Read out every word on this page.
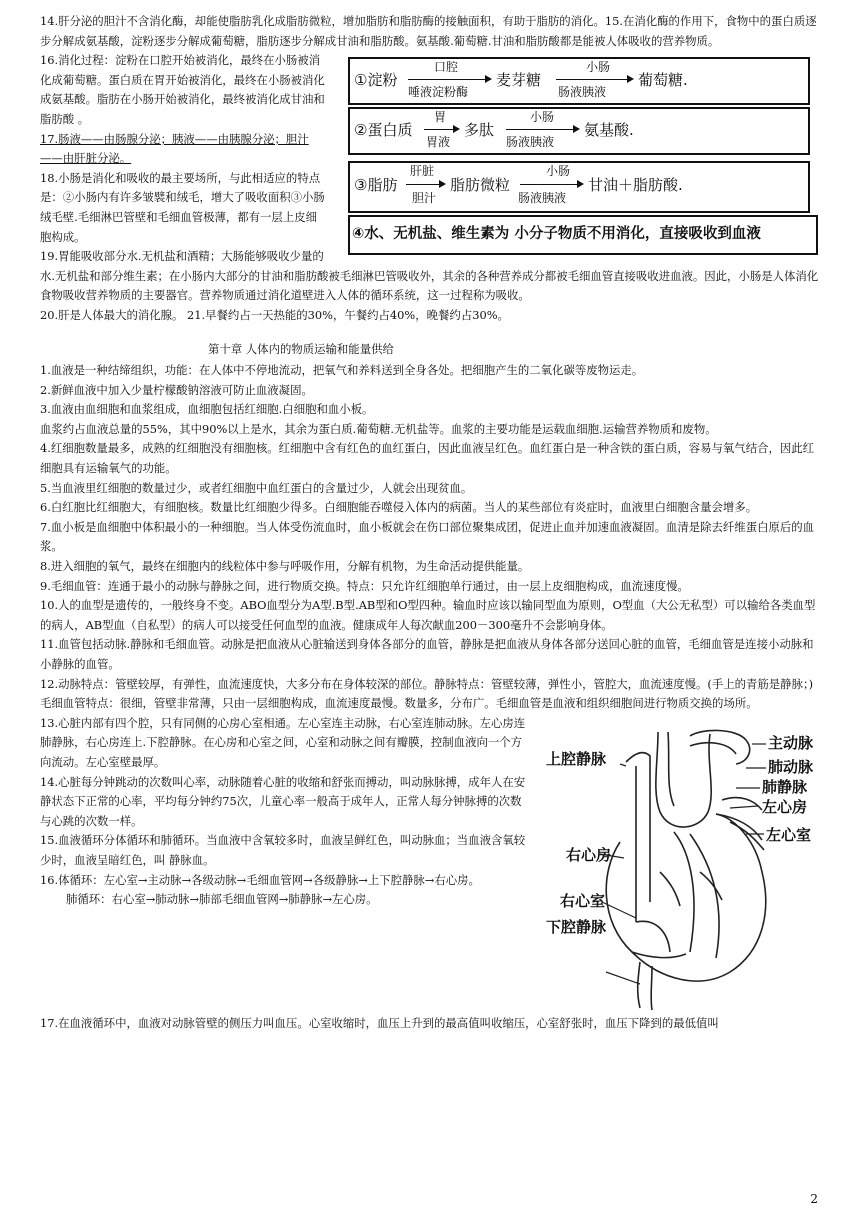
14.肝分泌的胆汁不含消化酶，却能使脂肪乳化成脂肪微粒，增加脂肪和脂肪酶的接触面积，有助于脂肪的消化。15.在消化酶的作用下，食物中的蛋白质逐步分解成氨基酸，淀粉逐步分解成葡萄糖，脂肪逐步分解成甘油和脂肪酸。氨基酸.葡萄糖.甘油和脂肪酸都是能被人体吸收的营养物质。

①淀粉
口腔
唾液淀粉酶
麦芽糖
小肠
肠液胰液
葡萄糖.
②蛋白质
胃
胃液
多肽
小肠
肠液胰液
氨基酸.
③脂肪
肝脏
胆汁
脂肪微粒
小肠
肠液胰液
甘油＋脂肪酸.
④水、无机盐、维生素为 小分子物质不用消化，直接吸收到血液

16.消化过程：淀粉在口腔开始被消化，最终在小肠被消化成葡萄糖。蛋白质在胃开始被消化，最终在小肠被消化成氨基酸。脂肪在小肠开始被消化，最终被消化成甘油和脂肪酸 。

17.肠液——由肠腺分泌；胰液——由胰腺分泌；胆汁——由肝脏分泌。

18.小肠是消化和吸收的最主要场所，与此相适应的特点是：②小肠内有许多皱襞和绒毛，增大了吸收面积③小肠绒毛壁.毛细淋巴管壁和毛细血管极薄，都有一层上皮细胞构成。

19.胃能吸收部分水.无机盐和酒精；大肠能够吸收少量的水.无机盐和部分维生素；在小肠内大部分的甘油和脂肪酸被毛细淋巴管吸收外，其余的各种营养成分都被毛细血管直接吸收进血液。因此，小肠是人体消化食物吸收营养物质的主要器官。营养物质通过消化道壁进入人体的循环系统，这一过程称为吸收。

20.肝是人体最大的消化腺。 21.早餐约占一天热能的30%，午餐约占40%，晚餐约占30%。

第十章 人体内的物质运输和能量供给

1.血液是一种结缔组织，功能：在人体中不停地流动，把氧气和养料送到全身各处。把细胞产生的二氧化碳等废物运走。

2.新鲜血液中加入少量柠檬酸钠溶液可防止血液凝固。

3.血液由血细胞和血浆组成，血细胞包括红细胞.白细胞和血小板。

血浆约占血液总量的55%，其中90%以上是水，其余为蛋白质.葡萄糖.无机盐等。血浆的主要功能是运载血细胞.运输营养物质和废物。

4.红细胞数量最多，成熟的红细胞没有细胞核。红细胞中含有红色的血红蛋白，因此血液呈红色。血红蛋白是一种含铁的蛋白质，容易与氧气结合，因此红细胞具有运输氧气的功能。

5.当血液里红细胞的数量过少，或者红细胞中血红蛋白的含量过少，人就会出现贫血。

6.白红胞比红细胞大，有细胞核。数量比红细胞少得多。白细胞能吞噬侵入体内的病菌。当人的某些部位有炎症时，血液里白细胞含量会增多。

7.血小板是血细胞中体积最小的一种细胞。当人体受伤流血时，血小板就会在伤口部位聚集成团，促进止血并加速血液凝固。血清是除去纤维蛋白原后的血浆。

8.进入细胞的氧气，最终在细胞内的线粒体中参与呼吸作用，分解有机物，为生命活动提供能量。

9.毛细血管：连通于最小的动脉与静脉之间，进行物质交换。特点：只允许红细胞单行通过，由一层上皮细胞构成，血流速度慢。

10.人的血型是遗传的，一般终身不变。ABO血型分为A型.B型.AB型和O型四种。输血时应该以输同型血为原则，O型血（大公无私型）可以输给各类血型的病人，AB型血（自私型）的病人可以接受任何血型的血液。健康成年人每次献血200－300毫升不会影响身体。

11.血管包括动脉.静脉和毛细血管。动脉是把血液从心脏输送到身体各部分的血管，静脉是把血液从身体各部分送回心脏的血管，毛细血管是连接小动脉和小静脉的血管。

12.动脉特点：管壁较厚，有弹性，血流速度快，大多分布在身体较深的部位。静脉特点：管壁较薄，弹性小，管腔大，血流速度慢。(手上的青筋是静脉；) 毛细血管特点：很细，管壁非常薄，只由一层细胞构成，血流速度最慢。数量多，分布广。毛细血管是血液和组织细胞间进行物质交换的场所。

上腔静脉
主动脉
肺动脉
肺静脉
左心房
右心房
左心室
右心室
下腔静脉

13.心脏内部有四个腔，只有同侧的心房心室相通。左心室连主动脉，右心室连肺动脉。左心房连肺静脉，右心房连上.下腔静脉。在心房和心室之间，心室和动脉之间有瓣膜，控制血液向一个方向流动。左心室壁最厚。

14.心脏每分钟跳动的次数叫心率，动脉随着心脏的收缩和舒张而搏动，叫动脉脉搏，成年人在安静状态下正常的心率，平均每分钟约75次，儿童心率一般高于成年人，正常人每分钟脉搏的次数与心跳的次数一样。

15.血液循环分体循环和肺循环。当血液中含氧较多时，血液呈鲜红色，叫动脉血；当血液含氧较少时，血液呈暗红色，叫 静脉血。

16.体循环：左心室→主动脉→各级动脉→毛细血管网→各级静脉→上下腔静脉→右心房。

肺循环：右心室→肺动脉→肺部毛细血管网→肺静脉→左心房。

17.在血液循环中，血液对动脉管壁的侧压力叫血压。心室收缩时，血压上升到的最高值叫收缩压，心室舒张时，血压下降到的最低值叫

2
